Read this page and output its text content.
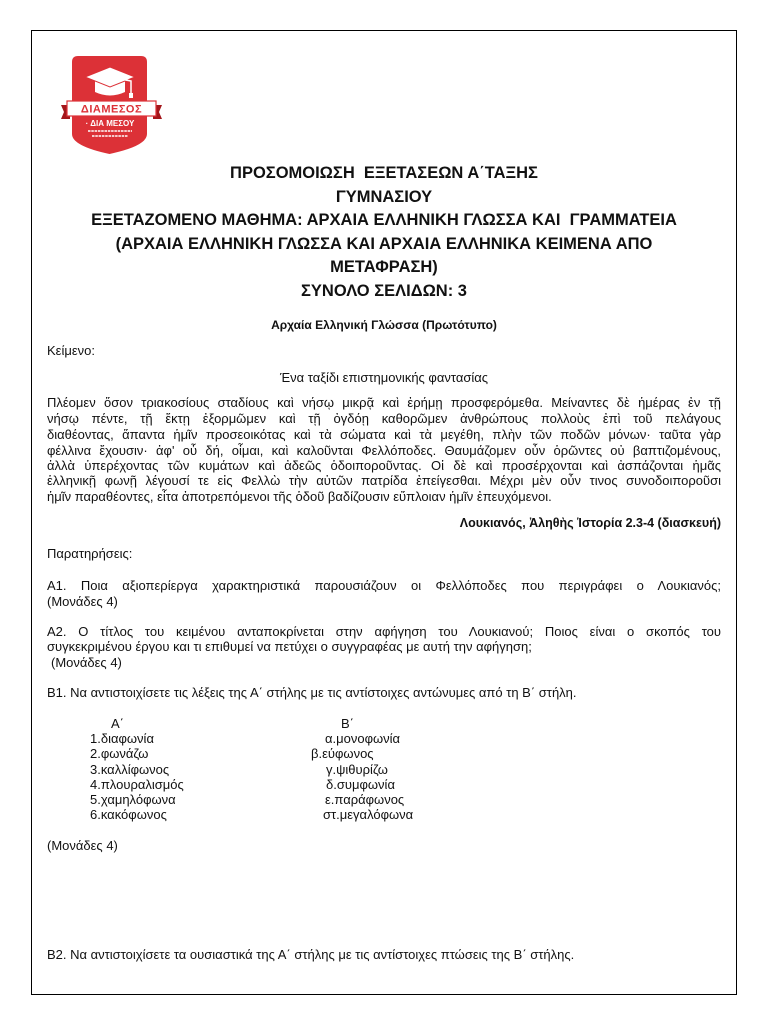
ΔΙΑΜΕΣΟΣ
· ΔΙΑ ΜΕΣΟΥ
ΠΡΟΣΟΜΟΙΩΣΗ  ΕΞΕΤΑΣΕΩΝ Α΄ΤΑΞΗΣ
ΓΥΜΝΑΣΙΟΥ
ΕΞΕΤΑΖΟΜΕΝΟ ΜΑΘΗΜΑ: ΑΡΧΑΙΑ ΕΛΛΗΝΙΚΗ ΓΛΩΣΣΑ ΚΑΙ  ΓΡΑΜΜΑΤΕΙΑ
(ΑΡΧΑΙΑ ΕΛΛΗΝΙΚΗ ΓΛΩΣΣΑ ΚΑΙ ΑΡΧΑΙΑ ΕΛΛΗΝΙΚΑ ΚΕΙΜΕΝΑ ΑΠΟ
ΜΕΤΑΦΡΑΣΗ)
ΣΥΝΟΛΟ ΣΕΛΙΔΩΝ: 3
Αρχαία Ελληνική Γλώσσα (Πρωτότυπο)
Κείμενο:
Ένα ταξίδι επιστημονικής φαντασίας
Πλέομεν ὅσον τριακοσίους σταδίους καὶ νήσῳ μικρᾷ καὶ ἐρήμῃ προσφερόμεθα. Μείναντες δὲ ἡμέρας ἐν τῇ
νήσῳ πέντε, τῇ ἕκτῃ ἐξορμῶμεν καὶ τῇ ὀγδόῃ καθορῶμεν ἀνθρώπους πολλοὺς ἐπὶ τοῦ πελάγους
διαθέοντας, ἅπαντα ἡμῖν προσεοικότας καὶ τὰ σώματα καὶ τὰ μεγέθη, πλὴν τῶν ποδῶν μόνων· ταῦτα γὰρ
φέλλινα ἔχουσιν· ἀφ' οὗ δή, οἶμαι, καὶ καλοῦνται Φελλόποδες. Θαυμάζομεν οὖν ὁρῶντες οὐ βαπτιζομένους,
ἀλλὰ ὑπερέχοντας τῶν κυμάτων καὶ ἀδεῶς ὁδοιποροῦντας. Οἱ δὲ καὶ προσέρχονται καὶ ἀσπάζονται ἡμᾶς
ἑλληνικῇ φωνῇ λέγουσί τε εἰς Φελλὼ τὴν αὑτῶν πατρίδα ἐπείγεσθαι. Μέχρι μὲν οὖν τινος συνοδοιποροῦσι
ἡμῖν παραθέοντες, εἶτα ἀποτρεπόμενοι τῆς ὁδοῦ βαδίζουσιν εὔπλοιαν ἡμῖν ἐπευχόμενοι.
Λουκιανός, Ἀληθὴς Ἱστορία 2.3-4 (διασκευή)
Παρατηρήσεις:
Α1. Ποια αξιοπερίεργα χαρακτηριστικά παρουσιάζουν οι Φελλόποδες που περιγράφει ο Λουκιανός;
(Μονάδες 4)
Α2. Ο τίτλος του κειμένου ανταποκρίνεται στην αφήγηση του Λουκιανού; Ποιος είναι ο σκοπός του
συγκεκριμένου έργου και τι επιθυμεί να πετύχει ο συγγραφέας με αυτή την αφήγηση;
(Μονάδες 4)
Β1. Να αντιστοιχίσετε τις λέξεις της Α΄ στήλης με τις αντίστοιχες αντώνυμες από τη Β΄ στήλη.
Α΄	Β΄
1.διαφωνία
2.φωνάζω
3.καλλίφωνος
4.πλουραλισμός
5.χαμηλόφωνα
6.κακόφωνος
α.μονοφωνία
β.εύφωνος
γ.ψιθυρίζω
δ.συμφωνία
ε.παράφωνος
στ.μεγαλόφωνα
(Μονάδες 4)
Β2. Να αντιστοιχίσετε τα ουσιαστικά της Α΄ στήλης με τις αντίστοιχες πτώσεις της Β΄ στήλης.
